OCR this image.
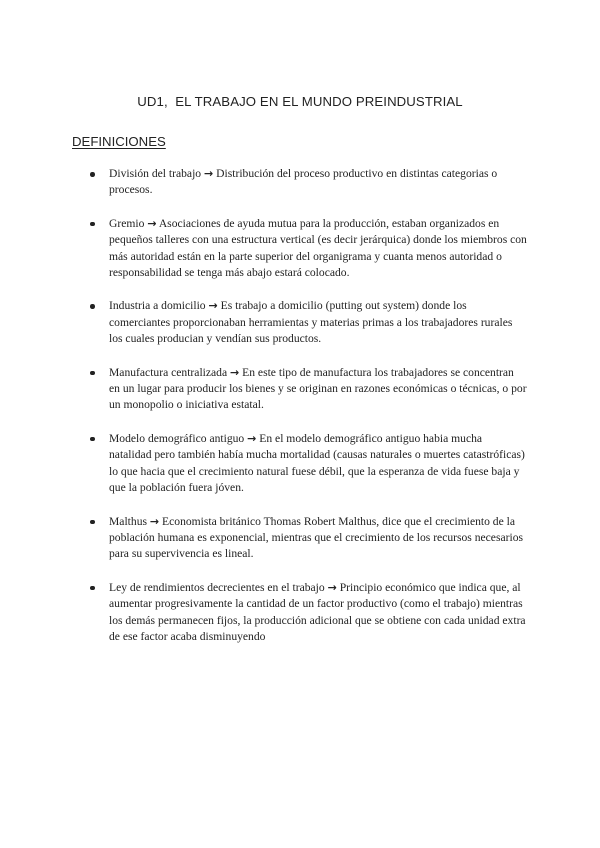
UD1,  EL TRABAJO EN EL MUNDO PREINDUSTRIAL
DEFINICIONES
División del trabajo → Distribución del proceso productivo en distintas categorias o procesos.
Gremio → Asociaciones de ayuda mutua para la producción, estaban organizados en pequeños talleres con una estructura vertical (es decir jerárquica) donde los miembros con más autoridad están en la parte superior del organigrama y cuanta menos autoridad o responsabilidad se tenga más abajo estará colocado.
Industria a domicilio → Es trabajo a domicilio (putting out system) donde los comerciantes proporcionaban herramientas y materias primas a los trabajadores rurales los cuales producian y vendían sus productos.
Manufactura centralizada → En este tipo de manufactura los trabajadores se concentran en un lugar para producir los bienes y se originan en razones económicas o técnicas, o por un monopolio o iniciativa estatal.
Modelo demográfico antiguo → En el modelo demográfico antiguo habia mucha natalidad pero también había mucha mortalidad (causas naturales o muertes catastróficas) lo que hacia que el crecimiento natural fuese débil, que la esperanza de vida fuese baja y que la población fuera jóven.
Malthus → Economista británico Thomas Robert Malthus, dice que el crecimiento de la población humana es exponencial, mientras que el crecimiento de los recursos necesarios para su supervivencia es lineal.
Ley de rendimientos decrecientes en el trabajo → Principio económico que indica que, al aumentar progresivamente la cantidad de un factor productivo (como el trabajo) mientras los demás permanecen fijos, la producción adicional que se obtiene con cada unidad extra de ese factor acaba disminuyendo
